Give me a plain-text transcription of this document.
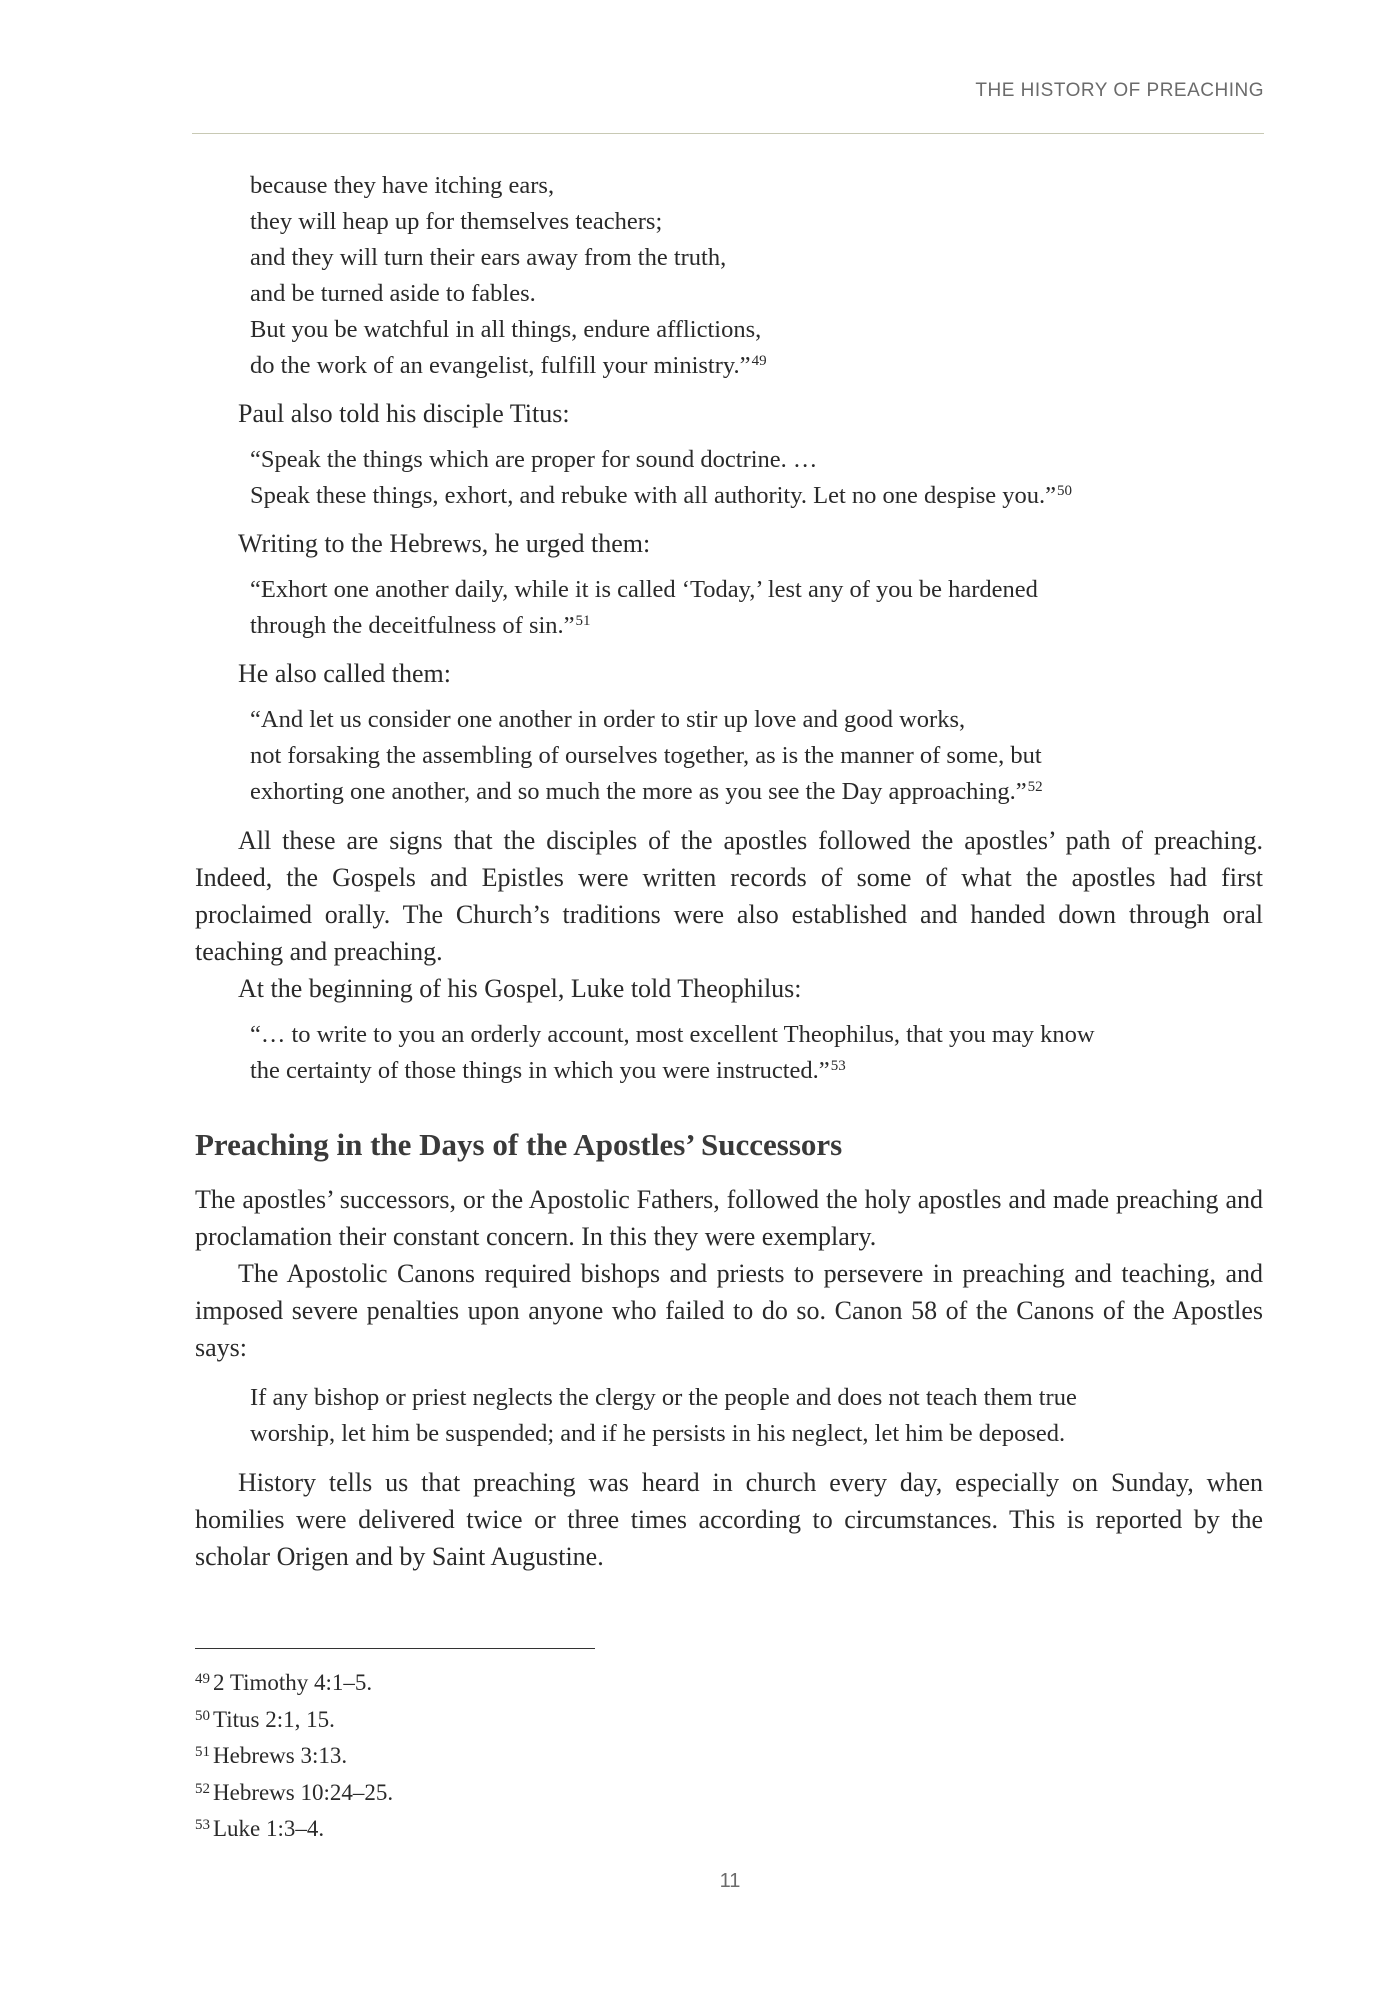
THE HISTORY OF PREACHING
because they have itching ears,
they will heap up for themselves teachers;
and they will turn their ears away from the truth,
and be turned aside to fables.
But you be watchful in all things, endure afflictions,
do the work of an evangelist, fulfill your ministry.”$^{49}$

Paul also told his disciple Titus:

“Speak the things which are proper for sound doctrine. …
Speak these things, exhort, and rebuke with all authority. Let no one despise you.”$^{50}$

Writing to the Hebrews, he urged them:

“Exhort one another daily, while it is called ‘Today,’ lest any of you be hardened
through the deceitfulness of sin.”$^{51}$

He also called them:

“And let us consider one another in order to stir up love and good works,
not forsaking the assembling of ourselves together, as is the manner of some, but
exhorting one another, and so much the more as you see the Day approaching.”$^{52}$

All these are signs that the disciples of the apostles followed the apostles’ path of preaching. Indeed, the Gospels and Epistles were written records of some of what the apostles had first proclaimed orally. The Church’s traditions were also established and handed down through oral teaching and preaching.

At the beginning of his Gospel, Luke told Theophilus:

“… to write to you an orderly account, most excellent Theophilus, that you may know
the certainty of those things in which you were instructed.”$^{53}$
Preaching in the Days of the Apostles’ Successors

The apostles’ successors, or the Apostolic Fathers, followed the holy apostles and made preaching and proclamation their constant concern. In this they were exemplary.

The Apostolic Canons required bishops and priests to persevere in preaching and teaching, and imposed severe penalties upon anyone who failed to do so. Canon 58 of the Canons of the Apostles says:

If any bishop or priest neglects the clergy or the people and does not teach them true
worship, let him be suspended; and if he persists in his neglect, let him be deposed.

History tells us that preaching was heard in church every day, especially on Sunday, when homilies were delivered twice or three times according to circumstances. This is reported by the scholar Origen and by Saint Augustine.

$^{49}$ 2 Timothy 4:1–5.
$^{50}$ Titus 2:1, 15.
$^{51}$ Hebrews 3:13.
$^{52}$ Hebrews 10:24–25.
$^{53}$ Luke 1:3–4.
11
